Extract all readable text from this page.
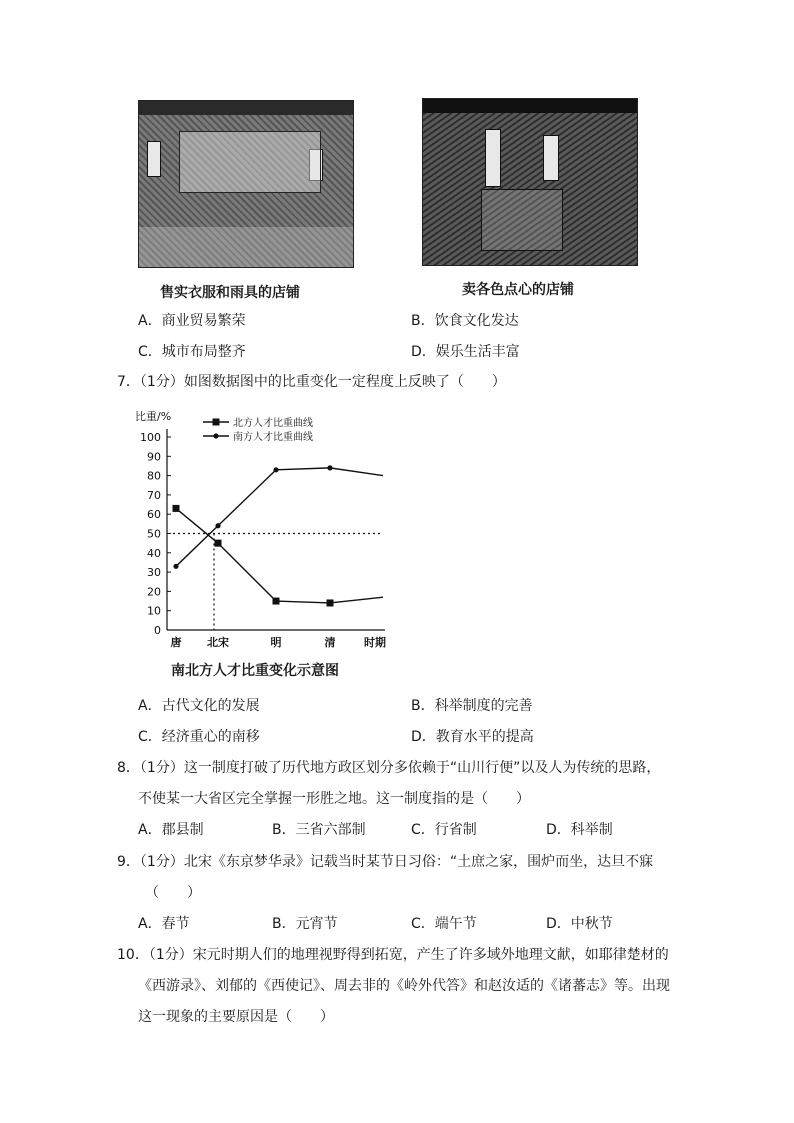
售实衣服和雨具的店铺	卖各色点心的店铺
A．商业贸易繁荣	B．饮食文化发达
C．城市布局整齐	D．娱乐生活丰富
7．（1分）如图数据图中的比重变化一定程度上反映了（　　）
0
10
20
30
40
50
60
70
80
90
100
比重/%
唐 北宋	明	清	时期
北方人才比重曲线
南方人才比重曲线
南北方人才比重变化示意图
A．古代文化的发展	B．科举制度的完善
C．经济重心的南移	D．教育水平的提高
8．（1分）这一制度打破了历代地方政区划分多依赖于“山川行便”以及人为传统的思路，
不使某一大省区完全掌握一形胜之地。这一制度指的是（　　）
A．郡县制	B．三省六部制	C．行省制	D．科举制
9．（1分）北宋《东京梦华录》记载当时某节日习俗：“土庶之家，围炉而坐，达旦不寐
（　　）
A．春节	B．元宵节	C．端午节	D．中秋节
10．（1分）宋元时期人们的地理视野得到拓宽，产生了许多域外地理文献，如耶律楚材的
《西游录》、刘郁的《西使记》、周去非的《岭外代答》和赵汝适的《诸蕃志》等。出现
这一现象的主要原因是（　　）
